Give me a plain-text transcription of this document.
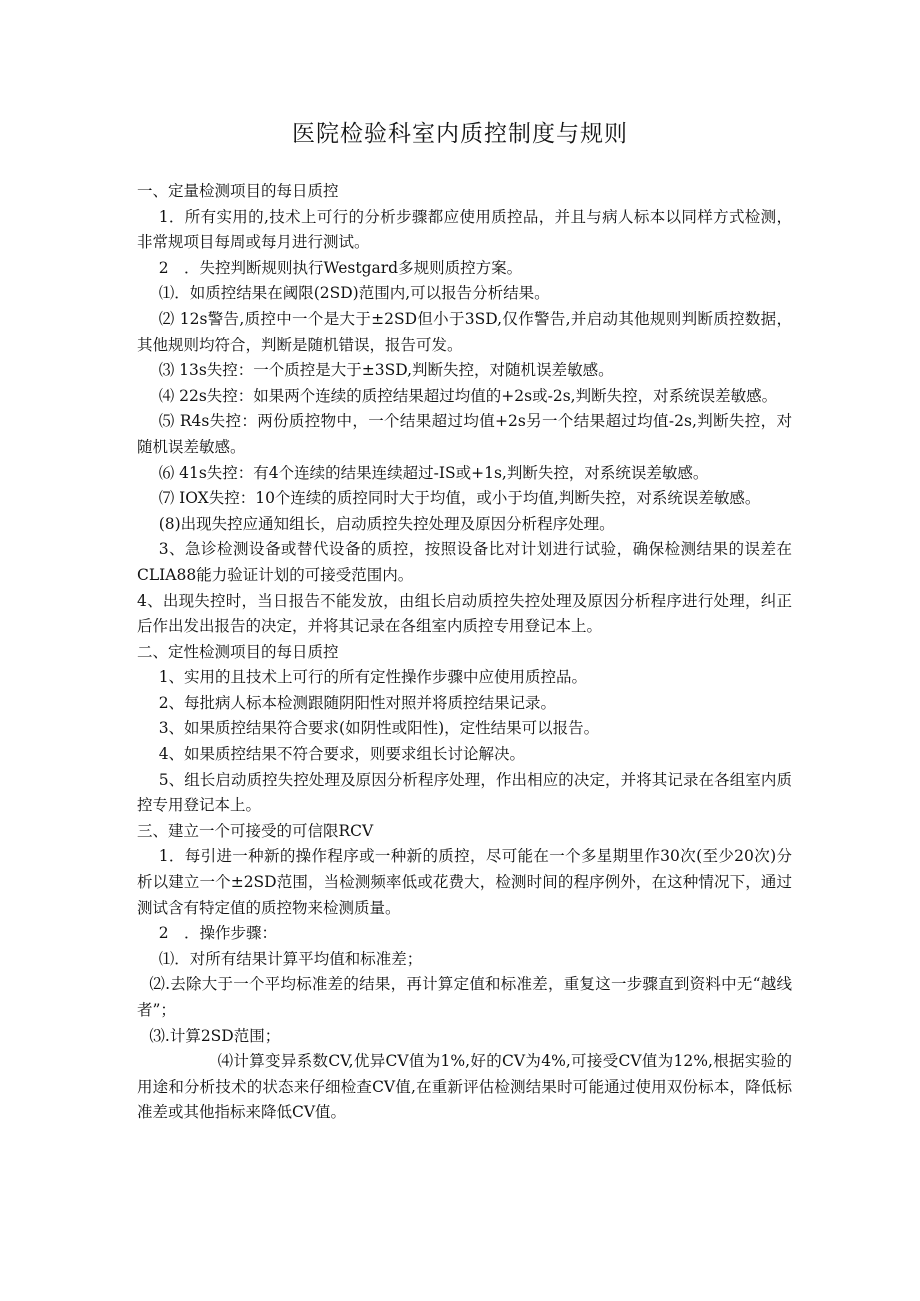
医院检验科室内质控制度与规则

一、定量检测项目的每日质控

1．所有实用的,技术上可行的分析步骤都应使用质控品，并且与病人标本以同样方式检测，非常规项目每周或每月进行测试。

2　．失控判断规则执行Westgard多规则质控方案。

⑴．如质控结果在阈限(2SD)范围内,可以报告分析结果。

⑵ 12s警告,质控中一个是大于±2SD但小于3SD,仅作警告,并启动其他规则判断质控数据，其他规则均符合，判断是随机错误，报告可发。

⑶ 13s失控：一个质控是大于±3SD,判断失控，对随机误差敏感。

⑷ 22s失控：如果两个连续的质控结果超过均值的+2s或-2s,判断失控，对系统误差敏感。

⑸ R4s失控：两份质控物中，一个结果超过均值+2s另一个结果超过均值-2s,判断失控，对随机误差敏感。

⑹ 41s失控：有4个连续的结果连续超过-IS或+1s,判断失控，对系统误差敏感。

⑺ IOX失控：10个连续的质控同时大于均值，或小于均值,判断失控，对系统误差敏感。

(8)出现失控应通知组长，启动质控失控处理及原因分析程序处理。

3、急诊检测设备或替代设备的质控，按照设备比对计划进行试验，确保检测结果的误差在CLIA88能力验证计划的可接受范围内。

4、出现失控时，当日报告不能发放，由组长启动质控失控处理及原因分析程序进行处理，纠正后作出发出报告的决定，并将其记录在各组室内质控专用登记本上。

二、定性检测项目的每日质控

1、实用的且技术上可行的所有定性操作步骤中应使用质控品。

2、每批病人标本检测跟随阴阳性对照并将质控结果记录。

3、如果质控结果符合要求(如阴性或阳性)，定性结果可以报告。

4、如果质控结果不符合要求，则要求组长讨论解决。

5、组长启动质控失控处理及原因分析程序处理，作出相应的决定，并将其记录在各组室内质控专用登记本上。

三、建立一个可接受的可信限RCV

1．每引进一种新的操作程序或一种新的质控，尽可能在一个多星期里作30次(至少20次)分析以建立一个±2SD范围，当检测频率低或花费大，检测时间的程序例外，在这种情况下，通过测试含有特定值的质控物来检测质量。

2　．操作步骤：

⑴．对所有结果计算平均值和标准差；

⑵.去除大于一个平均标准差的结果，再计算定值和标准差，重复这一步骤直到资料中无“越线者”；

⑶.计算2SD范围；

⑷计算变异系数CV,优异CV值为1%,好的CV为4%,可接受CV值为12%,根据实验的用途和分析技术的状态来仔细检查CV值,在重新评估检测结果时可能通过使用双份标本，降低标准差或其他指标来降低CV值。
